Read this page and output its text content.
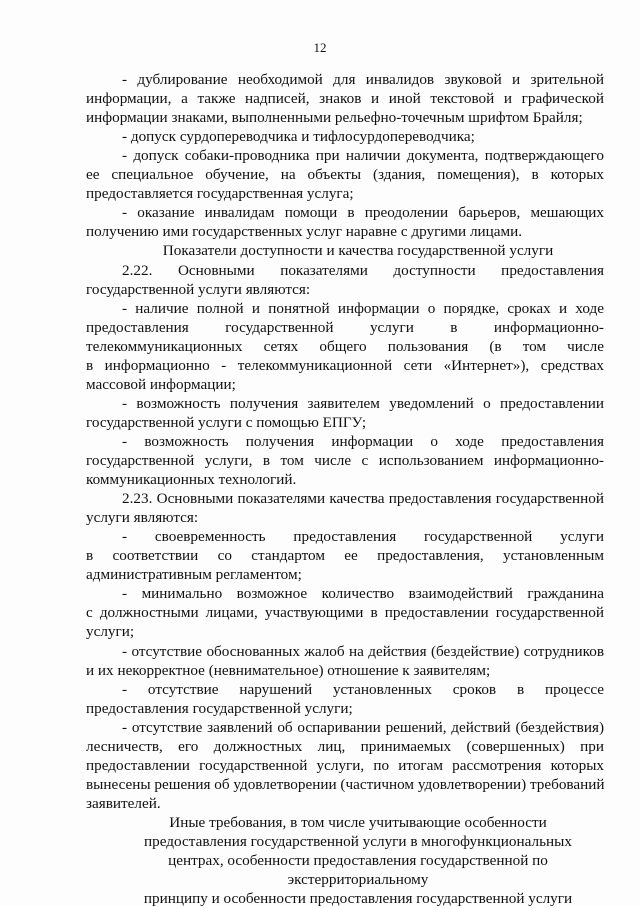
12
- дублирование необходимой для инвалидов звуковой и зрительной
информации, а также надписей, знаков и иной текстовой и графической
информации знаками, выполненными рельефно-точечным шрифтом Брайля;
- допуск сурдопереводчика и тифлосурдопереводчика;
- допуск собаки-проводника при наличии документа, подтверждающего
ее специальное обучение, на объекты (здания, помещения), в которых
предоставляется государственная услуга;
- оказание инвалидам помощи в преодолении барьеров, мешающих
получению ими государственных услуг наравне с другими лицами.
Показатели доступности и качества государственной услуги
2.22. Основными показателями доступности предоставления
государственной услуги являются:
- наличие полной и понятной информации о порядке, сроках и ходе
предоставления государственной услуги в информационно-
телекоммуникационных сетях общего пользования (в том числе
в информационно - телекоммуникационной сети «Интернет»), средствах
массовой информации;
- возможность получения заявителем уведомлений о предоставлении
государственной услуги с помощью ЕПГУ;
- возможность получения информации о ходе предоставления
государственной услуги, в том числе с использованием информационно-
коммуникационных технологий.
2.23. Основными показателями качества предоставления государственной
услуги являются:
- своевременность предоставления государственной услуги
в соответствии со стандартом ее предоставления, установленным
административным регламентом;
- минимально возможное количество взаимодействий гражданина
с должностными лицами, участвующими в предоставлении государственной
услуги;
- отсутствие обоснованных жалоб на действия (бездействие) сотрудников
и их некорректное (невнимательное) отношение к заявителям;
- отсутствие нарушений установленных сроков в процессе
предоставления государственной услуги;
- отсутствие заявлений об оспаривании решений, действий (бездействия)
лесничеств, его должностных лиц, принимаемых (совершенных) при
предоставлении государственной услуги, по итогам рассмотрения которых
вынесены решения об удовлетворении (частичном удовлетворении) требований
заявителей.
Иные требования, в том числе учитывающие особенности
предоставления государственной услуги в многофункциональных
центрах, особенности предоставления государственной по
экстерриториальному
принципу и особенности предоставления государственной услуги
